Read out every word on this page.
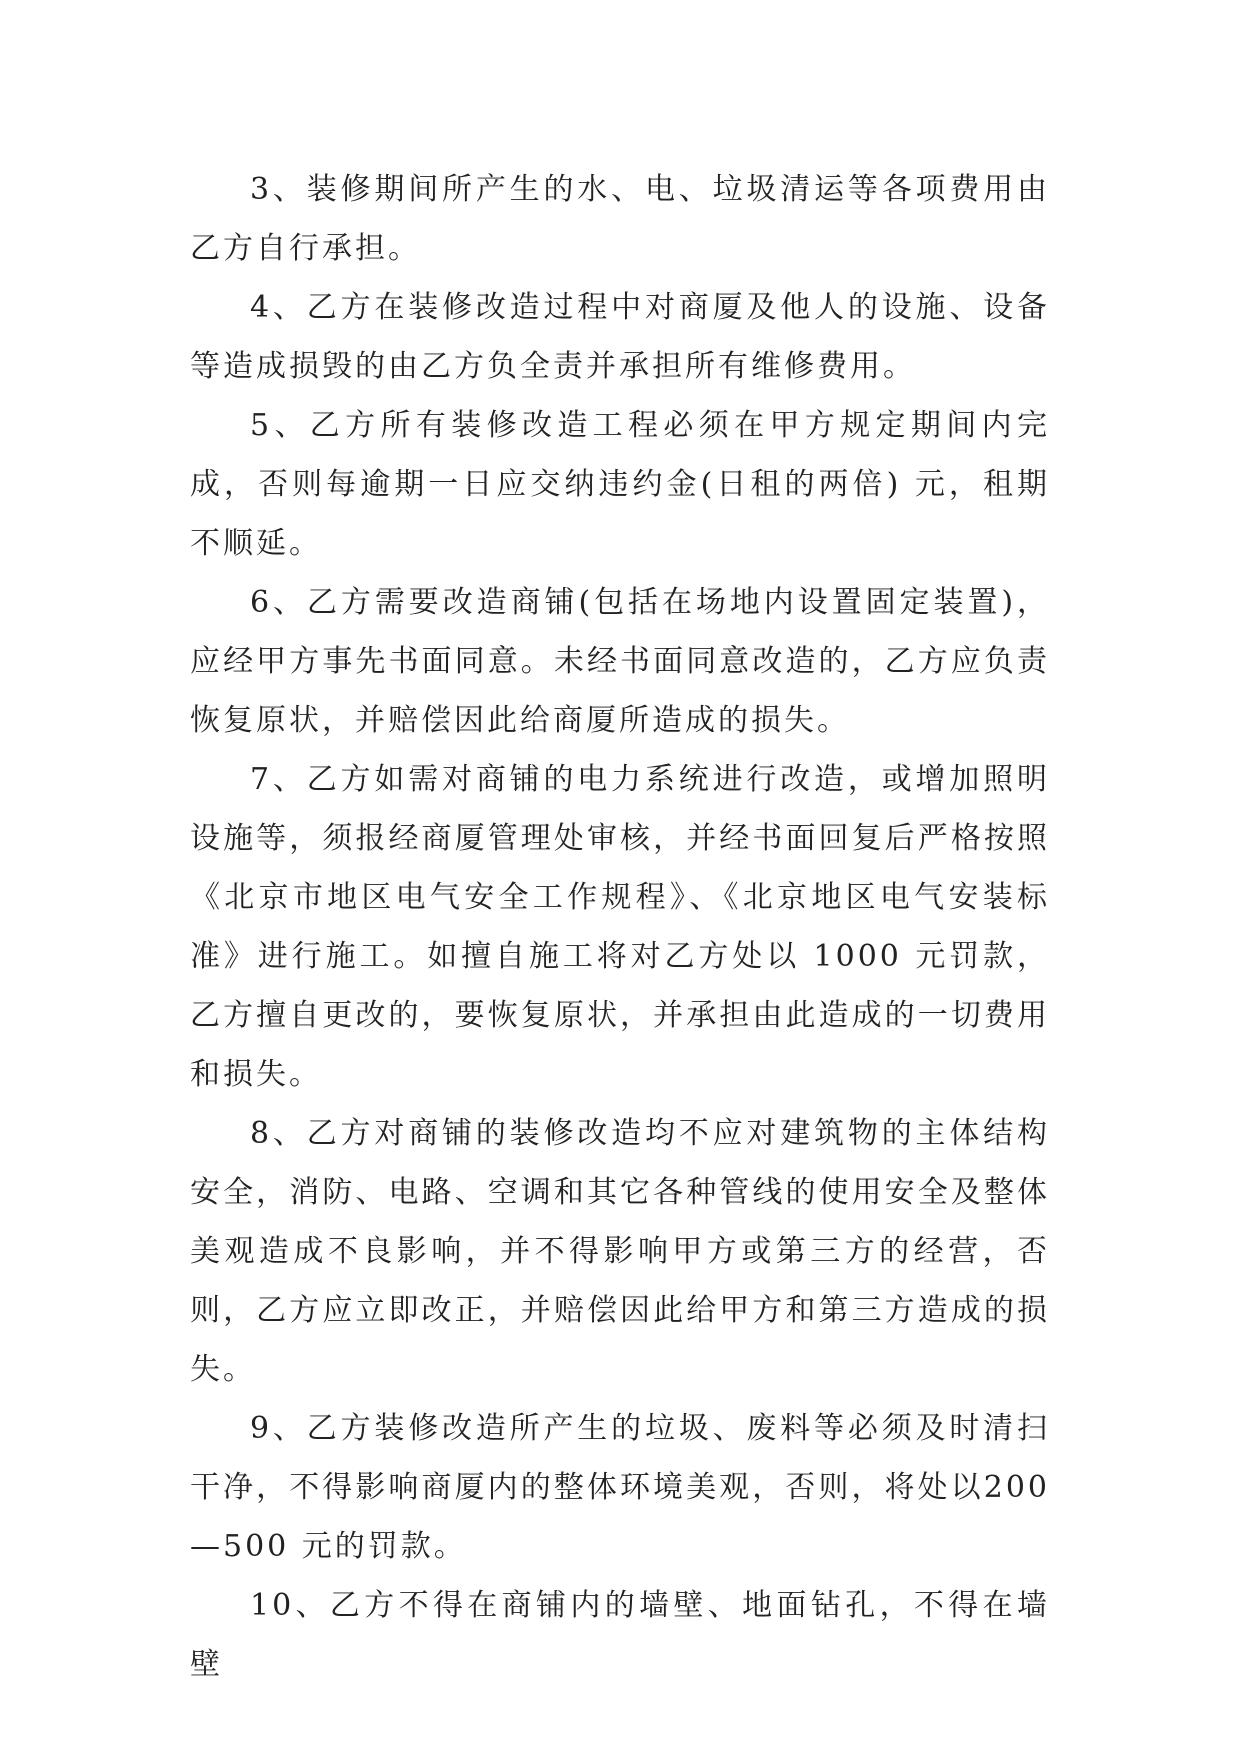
3、装修期间所产生的水、电、垃圾清运等各项费用由乙方自行承担。

4、乙方在装修改造过程中对商厦及他人的设施、设备等造成损毁的由乙方负全责并承担所有维修费用。

5、乙方所有装修改造工程必须在甲方规定期间内完成，否则每逾期一日应交纳违约金(日租的两倍) 元，租期不顺延。

6、乙方需要改造商铺(包括在场地内设置固定装置)，应经甲方事先书面同意。未经书面同意改造的，乙方应负责恢复原状，并赔偿因此给商厦所造成的损失。

7、乙方如需对商铺的电力系统进行改造，或增加照明设施等，须报经商厦管理处审核，并经书面回复后严格按照《北京市地区电气安全工作规程》、《北京地区电气安装标准》进行施工。如擅自施工将对乙方处以 1000 元罚款，乙方擅自更改的，要恢复原状，并承担由此造成的一切费用和损失。

8、乙方对商铺的装修改造均不应对建筑物的主体结构安全，消防、电路、空调和其它各种管线的使用安全及整体美观造成不良影响，并不得影响甲方或第三方的经营，否则，乙方应立即改正，并赔偿因此给甲方和第三方造成的损失。

9、乙方装修改造所产生的垃圾、废料等必须及时清扫干净，不得影响商厦内的整体环境美观，否则，将处以200—500 元的罚款。

10、乙方不得在商铺内的墙壁、地面钻孔，不得在墙壁
